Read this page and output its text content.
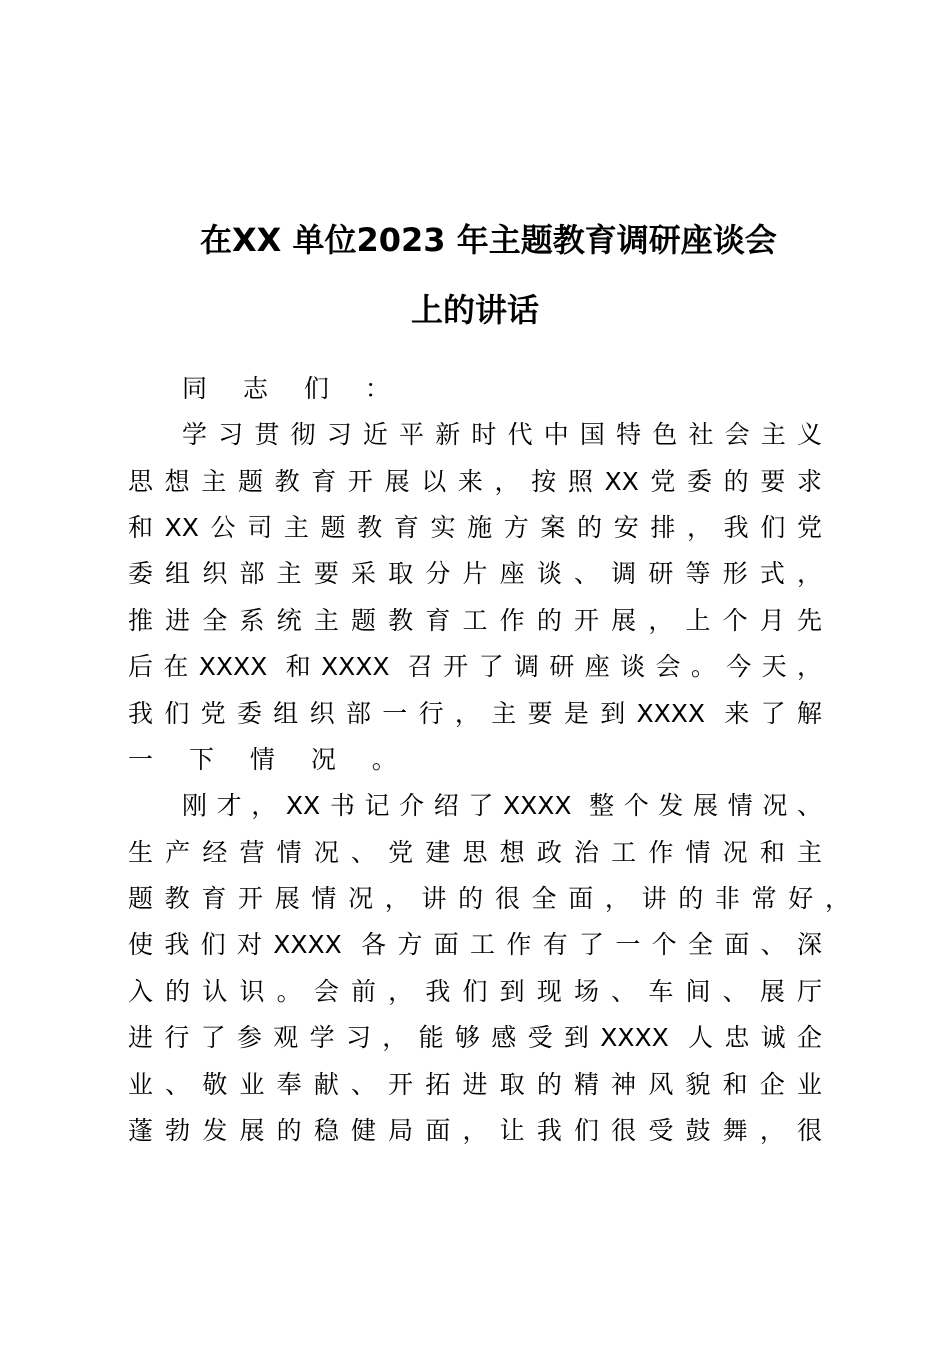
在XX 单位2023 年主题教育调研座谈会
上的讲话
同 志 们 ：
学习贯彻习近平新时代中国特色社会主义
思想主题教育开展以来，按照XX党委的要求
和XX公司主题教育实施方案的安排，我们党
委组织部主要采取分片座谈、调研等形式，
推进全系统主题教育工作的开展，上个月先
后在XXXX 和XXXX 召开了调研座谈会。今天，
我们党委组织部一行，主要是到XXXX 来了解
一 下 情 况 。
刚才，XX书记介绍了XXXX 整个发展情况、
生产经营情况、党建思想政治工作情况和主
题教育开展情况，讲的很全面，讲的非常好，
使我们对XXXX 各方面工作有了一个全面、深
入的认识。会前，我们到现场、车间、展厅
进行了参观学习，能够感受到XXXX 人忠诚企
业、敬业奉献、开拓进取的精神风貌和企业
蓬勃发展的稳健局面，让我们很受鼓舞，很
